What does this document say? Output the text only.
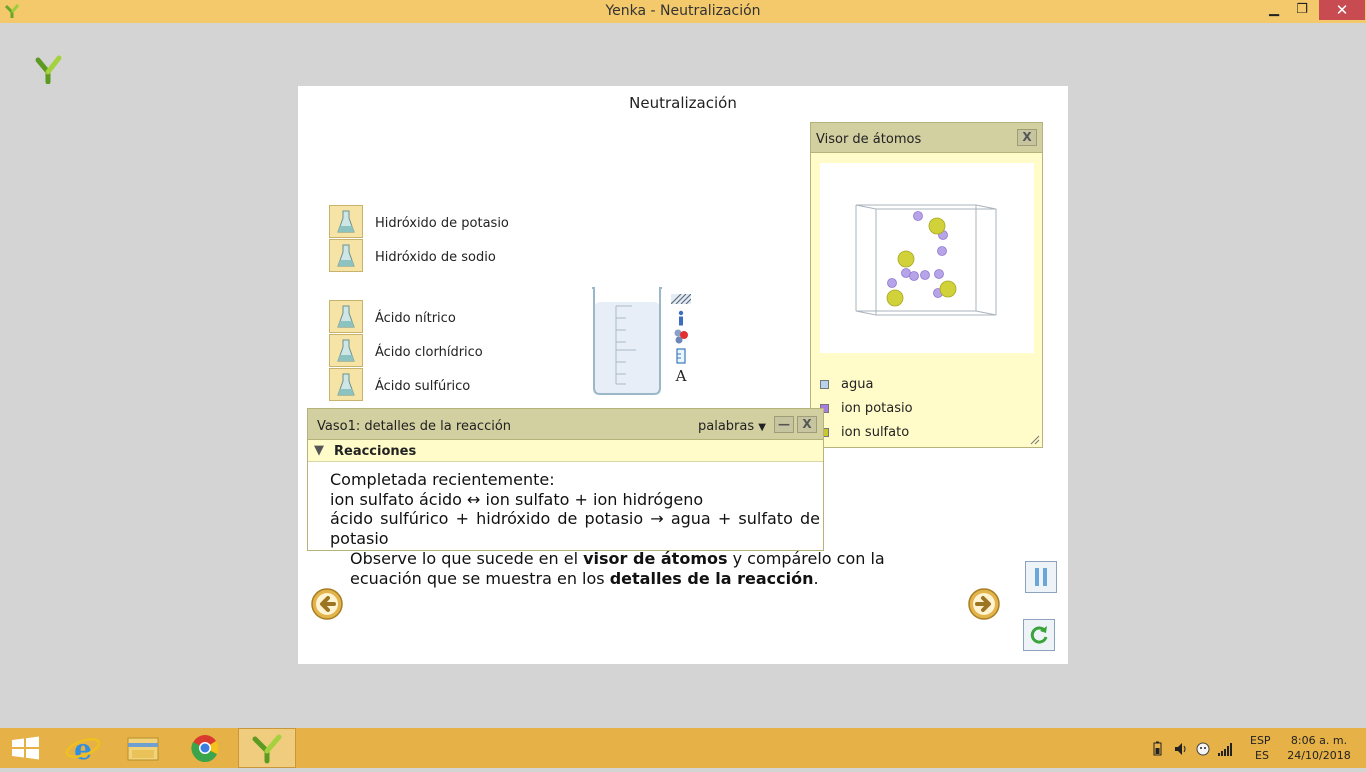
Yenka - Neutralización	▁	❐	✕
Neutralización
Hidróxido de potasio
Hidróxido de sodio
Ácido nítrico
Ácido clorhídrico
Ácido sulfúrico
A
Visor de átomos	X
agua
ion potasio
ion sulfato
Vaso1: detalles de la reacción	palabras ▼	—	X
▼ Reacciones
Completada recientemente:
ion sulfato ácido ↔ ion sulfato + ion hidrógeno
ácido sulfúrico + hidróxido de potasio → agua + sulfato de potasio
Observe lo que sucede en el visor de átomos y compárelo con la ecuación que se muestra en los detalles de la reacción.
e	ESP
ES
8:06 a. m.
24/10/2018
